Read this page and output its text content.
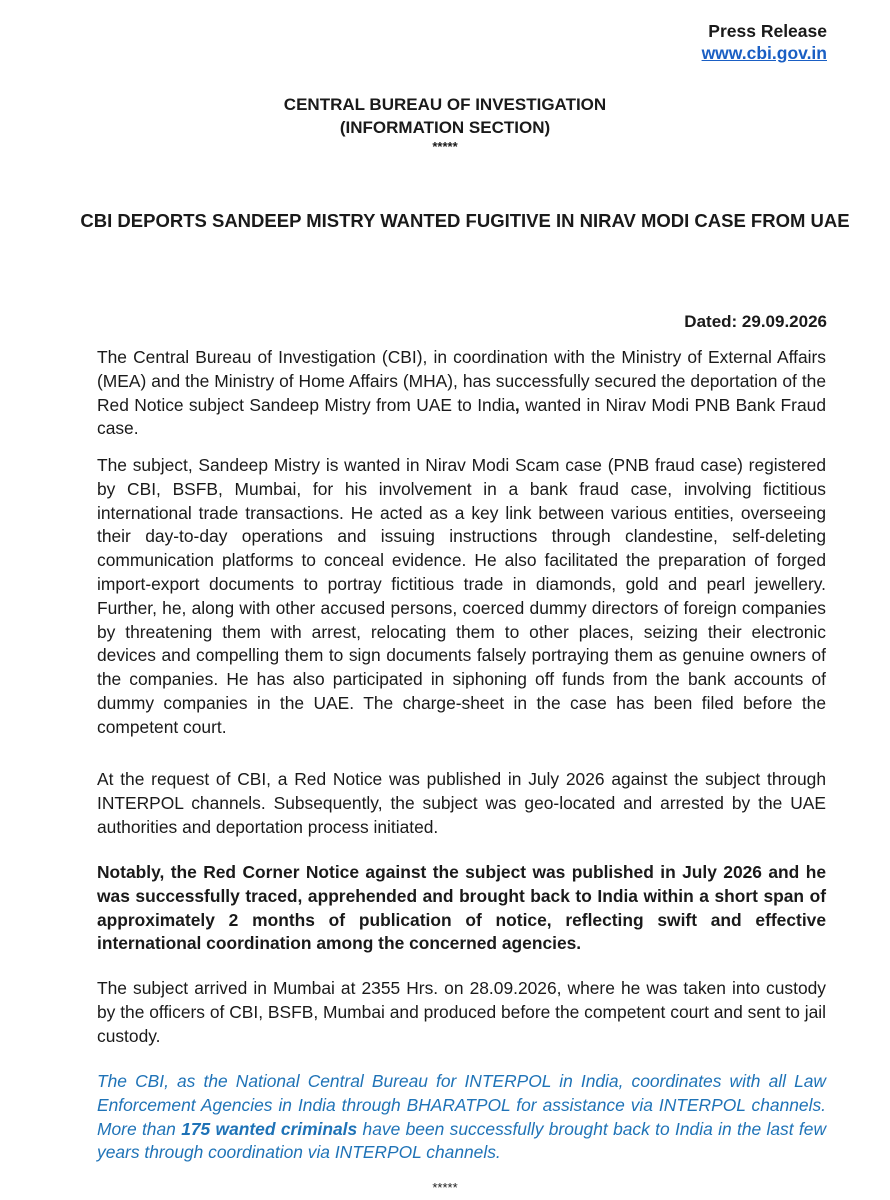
Press Release
www.cbi.gov.in
CENTRAL BUREAU OF INVESTIGATION
(INFORMATION SECTION)
*****
CBI DEPORTS SANDEEP MISTRY WANTED FUGITIVE IN NIRAV MODI CASE FROM UAE
Dated: 29.09.2026

The Central Bureau of Investigation (CBI), in coordination with the Ministry of External Affairs (MEA) and the Ministry of Home Affairs (MHA), has successfully secured the deportation of the Red Notice subject Sandeep Mistry from UAE to India, wanted in Nirav Modi PNB Bank Fraud case.

The subject, Sandeep Mistry is wanted in Nirav Modi Scam case (PNB fraud case) registered by CBI, BSFB, Mumbai, for his involvement in a bank fraud case, involving fictitious international trade transactions. He acted as a key link between various entities, overseeing their day-to-day operations and issuing instructions through clandestine, self-deleting communication platforms to conceal evidence. He also facilitated the preparation of forged import-export documents to portray fictitious trade in diamonds, gold and pearl jewellery. Further, he, along with other accused persons, coerced dummy directors of foreign companies by threatening them with arrest, relocating them to other places, seizing their electronic devices and compelling them to sign documents falsely portraying them as genuine owners of the companies. He has also participated in siphoning off funds from the bank accounts of dummy companies in the UAE. The charge-sheet in the case has been filed before the competent court.

At the request of CBI, a Red Notice was published in July 2026 against the subject through INTERPOL channels. Subsequently, the subject was geo-located and arrested by the UAE authorities and deportation process initiated.

Notably, the Red Corner Notice against the subject was published in July 2026 and he was successfully traced, apprehended and brought back to India within a short span of approximately 2 months of publication of notice, reflecting swift and effective international coordination among the concerned agencies.

The subject arrived in Mumbai at 2355 Hrs. on 28.09.2026, where he was taken into custody by the officers of CBI, BSFB, Mumbai and produced before the competent court and sent to jail custody.

The CBI, as the National Central Bureau for INTERPOL in India, coordinates with all Law Enforcement Agencies in India through BHARATPOL for assistance via INTERPOL channels. More than 175 wanted criminals have been successfully brought back to India in the last few years through coordination via INTERPOL channels.

*****
